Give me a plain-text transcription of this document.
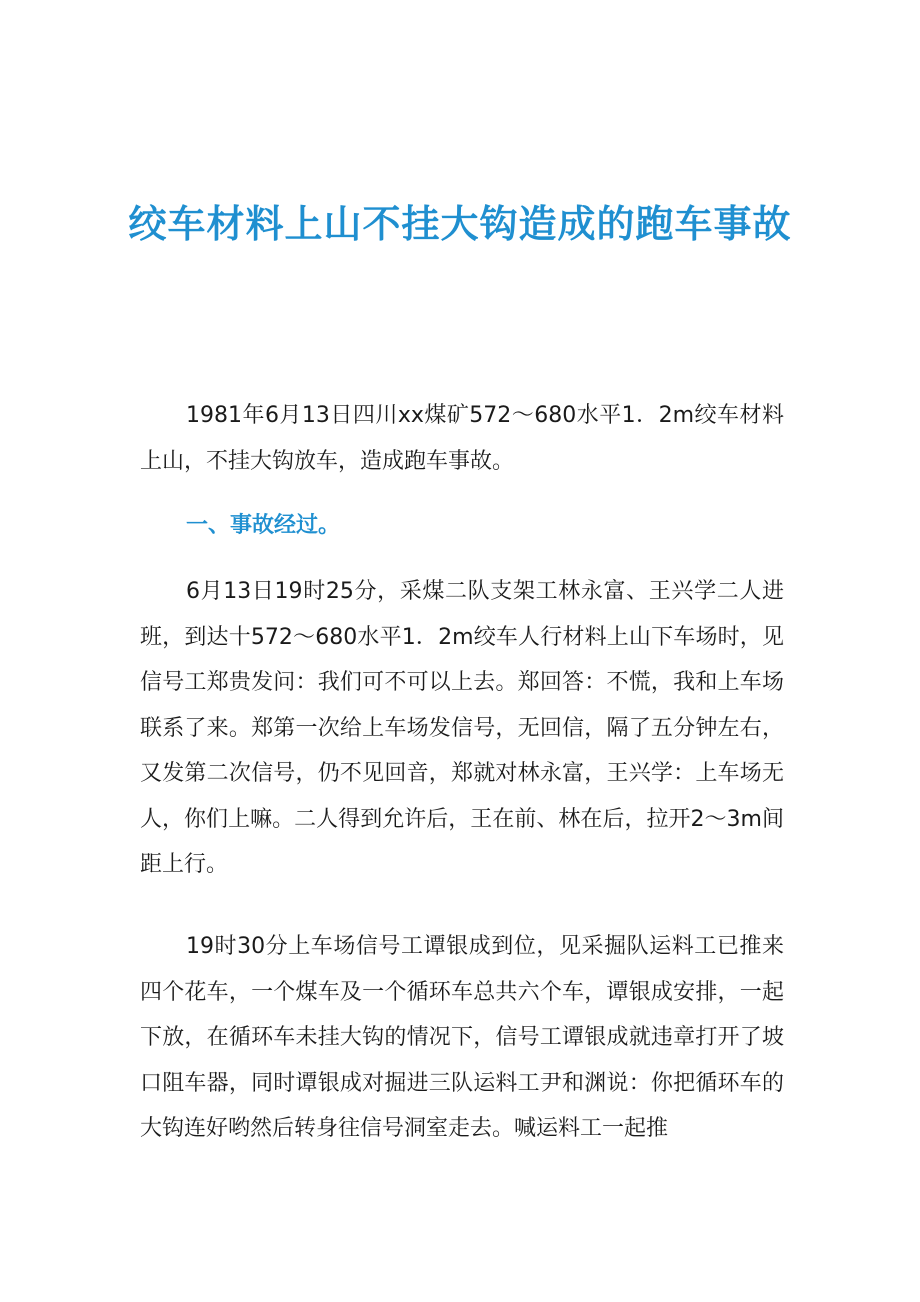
绞车材料上山不挂大钩造成的跑车事故

1981年6月13日四川xx煤矿572～680水平1．2m绞车材料上山，不挂大钩放车，造成跑车事故。

一、事故经过。

6月13日19时25分，采煤二队支架工林永富、王兴学二人进班，到达十572～680水平1．2m绞车人行材料上山下车场时，见信号工郑贵发问：我们可不可以上去。郑回答：不慌，我和上车场联系了来。郑第一次给上车场发信号，无回信，隔了五分钟左右，又发第二次信号，仍不见回音，郑就对林永富，王兴学：上车场无人，你们上嘛。二人得到允许后，王在前、林在后，拉开2～3m间距上行。

19时30分上车场信号工谭银成到位，见采掘队运料工已推来四个花车，一个煤车及一个循环车总共六个车，谭银成安排，一起下放，在循环车未挂大钩的情况下，信号工谭银成就违章打开了坡口阻车器，同时谭银成对掘进三队运料工尹和渊说：你把循环车的大钩连好哟然后转身往信号洞室走去。喊运料工一起推
